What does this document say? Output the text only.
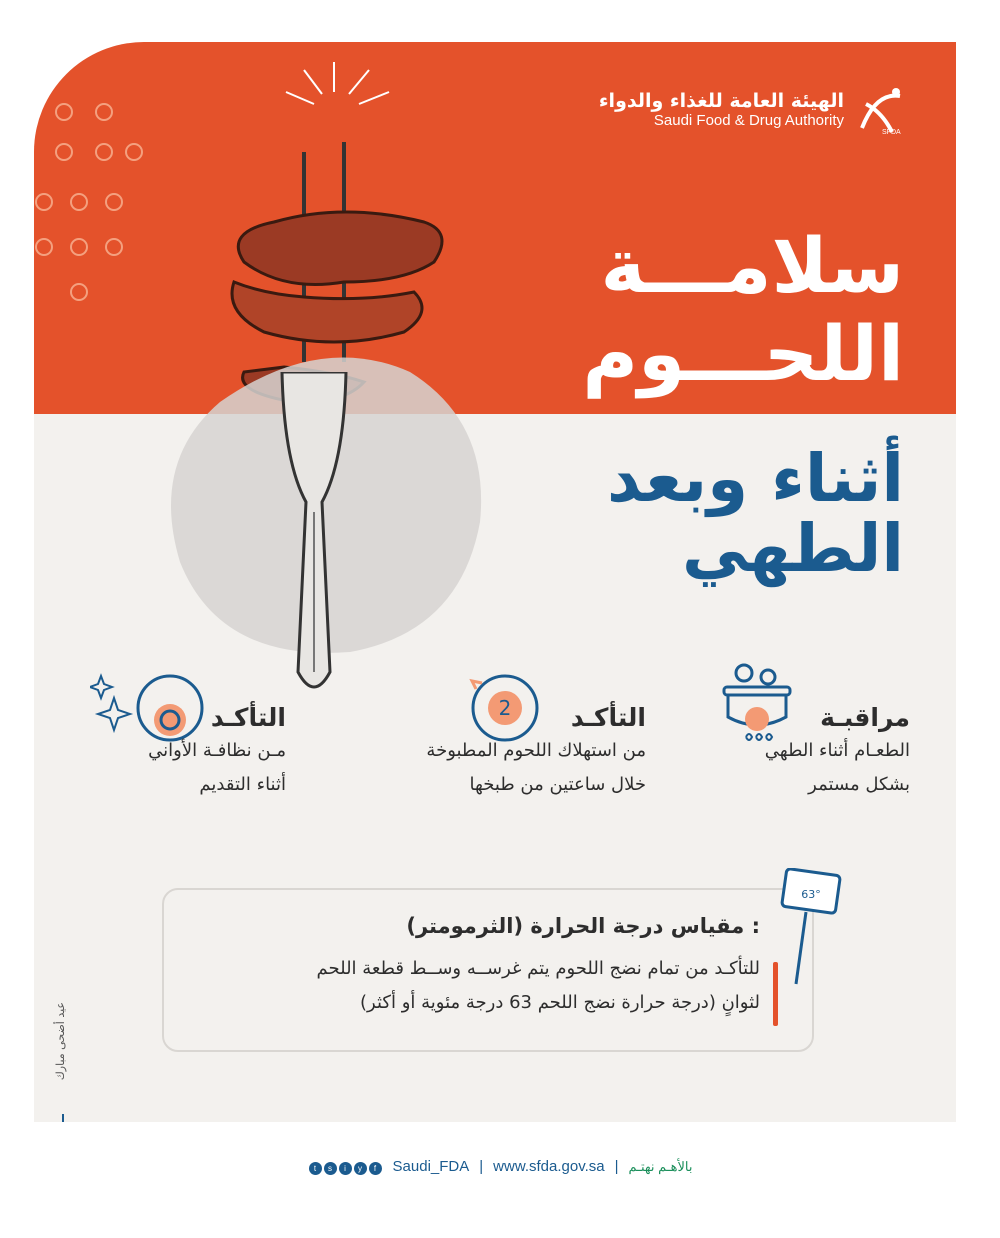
الهيئة العامة للغذاء والدواء
Saudi Food & Drug Authority
SFDA
سلامـــة
اللحـــوم
أثناء وبعد
الطهي
2	مراقبـة
الطعـام أثناء الطهي
بشكل مستمر
التأكـد
من استهلاك اللحوم المطبوخة
خلال ساعتين من طبخها
التأكـد
مـن نظافـة الأواني
أثناء التقديم
مقياس درجة الحرارة (الثرمومتر) :
للتأكـد من تمام نضج اللحوم يتم غرســه وســط قطعة اللحم
لثوانٍ (درجة حرارة نضج اللحم 63 درجة مئوية أو أكثر)
63°
عيد أضحى مبارك
t s i y f	Saudi_FDA | www.sfda.gov.sa | بالأهـم نهتـم
